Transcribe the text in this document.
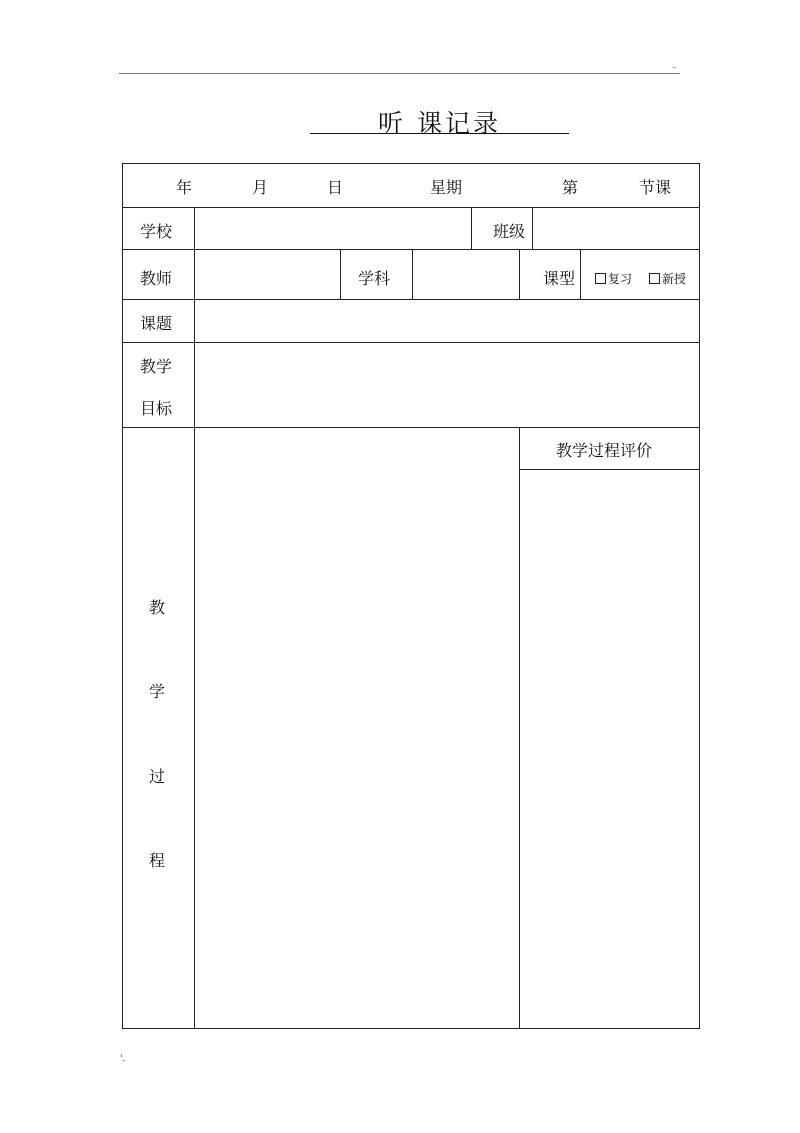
..
听 课记录
年	月	日	星期	第	节课
学校	班级
教师	学科	课型	复习	新授
课题
教学
目标
教
学
过
程
教学过程评价
'.
